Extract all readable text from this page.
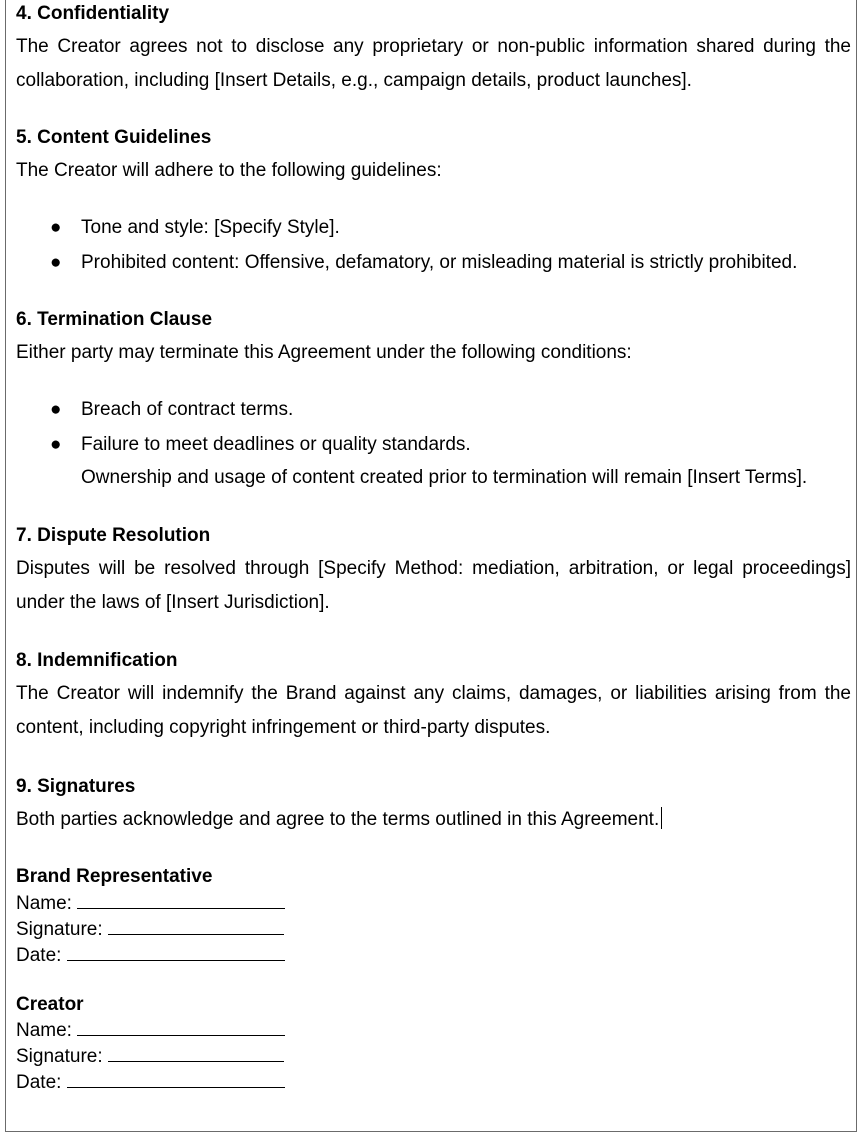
4. Confidentiality
The Creator agrees not to disclose any proprietary or non-public information shared during the collaboration, including [Insert Details, e.g., campaign details, product launches].
5. Content Guidelines
The Creator will adhere to the following guidelines:
● Tone and style: [Specify Style].
● Prohibited content: Offensive, defamatory, or misleading material is strictly prohibited.
6. Termination Clause
Either party may terminate this Agreement under the following conditions:
● Breach of contract terms.
● Failure to meet deadlines or quality standards.
Ownership and usage of content created prior to termination will remain [Insert Terms].
7. Dispute Resolution
Disputes will be resolved through [Specify Method: mediation, arbitration, or legal proceedings] under the laws of [Insert Jurisdiction].
8. Indemnification
The Creator will indemnify the Brand against any claims, damages, or liabilities arising from the content, including copyright infringement or third-party disputes.
9. Signatures
Both parties acknowledge and agree to the terms outlined in this Agreement.
Brand Representative
Name:
Signature:
Date:
Creator
Name:
Signature:
Date:
